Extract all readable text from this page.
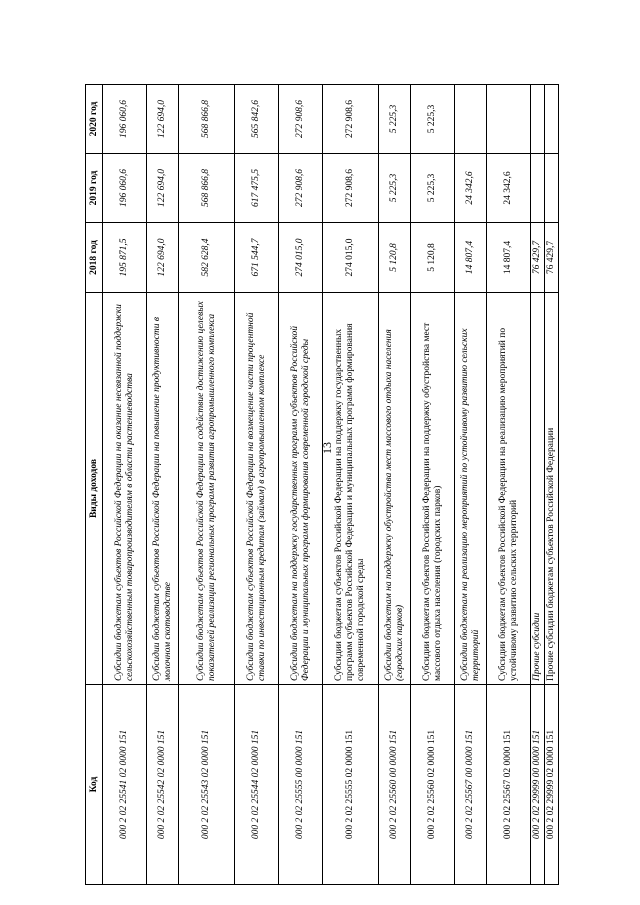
13
Код	Виды доходов	2018 год	2019 год	2020 год
000 2 02 25541 02 0000 151	Субсидии бюджетам субъектов Российской Федерации на оказание несвязанной поддержки сельскохозяйственным товаропроизводителям в области растениеводства	195 871,5	196 060,6	196 060,6
000 2 02 25542 02 0000 151	Субсидии бюджетам субъектов Российской Федерации на повышение продуктивности в молочном скотоводстве	122 694,0	122 694,0	122 694,0
000 2 02 25543 02 0000 151	Субсидии бюджетам субъектов Российской Федерации на содействие достижению целевых показателей реализации региональных программ развития агропромышленного комплекса	582 628,4	568 866,8	568 866,8
000 2 02 25544 02 0000 151	Субсидии бюджетам субъектов Российской Федерации на возмещение части процентной ставки по инвестиционным кредитам (займам) в агропромышленном комплексе	671 544,7	617 475,5	565 842,6
000 2 02 25555 00 0000 151	Субсидии бюджетам на поддержку государственных программ субъектов Российской Федерации и муниципальных программ формирования современной городской среды	274 015,0	272 908,6	272 908,6
000 2 02 25555 02 0000 151	Субсидии бюджетам субъектов Российской Федерации на поддержку государственных программ субъектов Российской Федерации и муниципальных программ формирования современной городской среды	274 015,0	272 908,6	272 908,6
000 2 02 25560 00 0000 151	Субсидии бюджетам на поддержку обустройства мест массового отдыха населения (городских парков)	5 120,8	5 225,3	5 225,3
000 2 02 25560 02 0000 151	Субсидии бюджетам субъектов Российской Федерации на поддержку обустройства мест массового отдыха населения (городских парков)	5 120,8	5 225,3	5 225,3
000 2 02 25567 00 0000 151	Субсидии бюджетам на реализацию мероприятий по устойчивому развитию сельских территорий	14 807,4	24 342,6	
000 2 02 25567 02 0000 151	Субсидии бюджетам субъектов Российской Федерации на реализацию мероприятий по устойчивому развитию сельских территорий	14 807,4	24 342,6	
000 2 02 29999 00 0000 151	Прочие субсидии	76 429,7		
000 2 02 29999 02 0000 151	Прочие субсидии бюджетам субъектов Российской Федерации	76 429,7		
